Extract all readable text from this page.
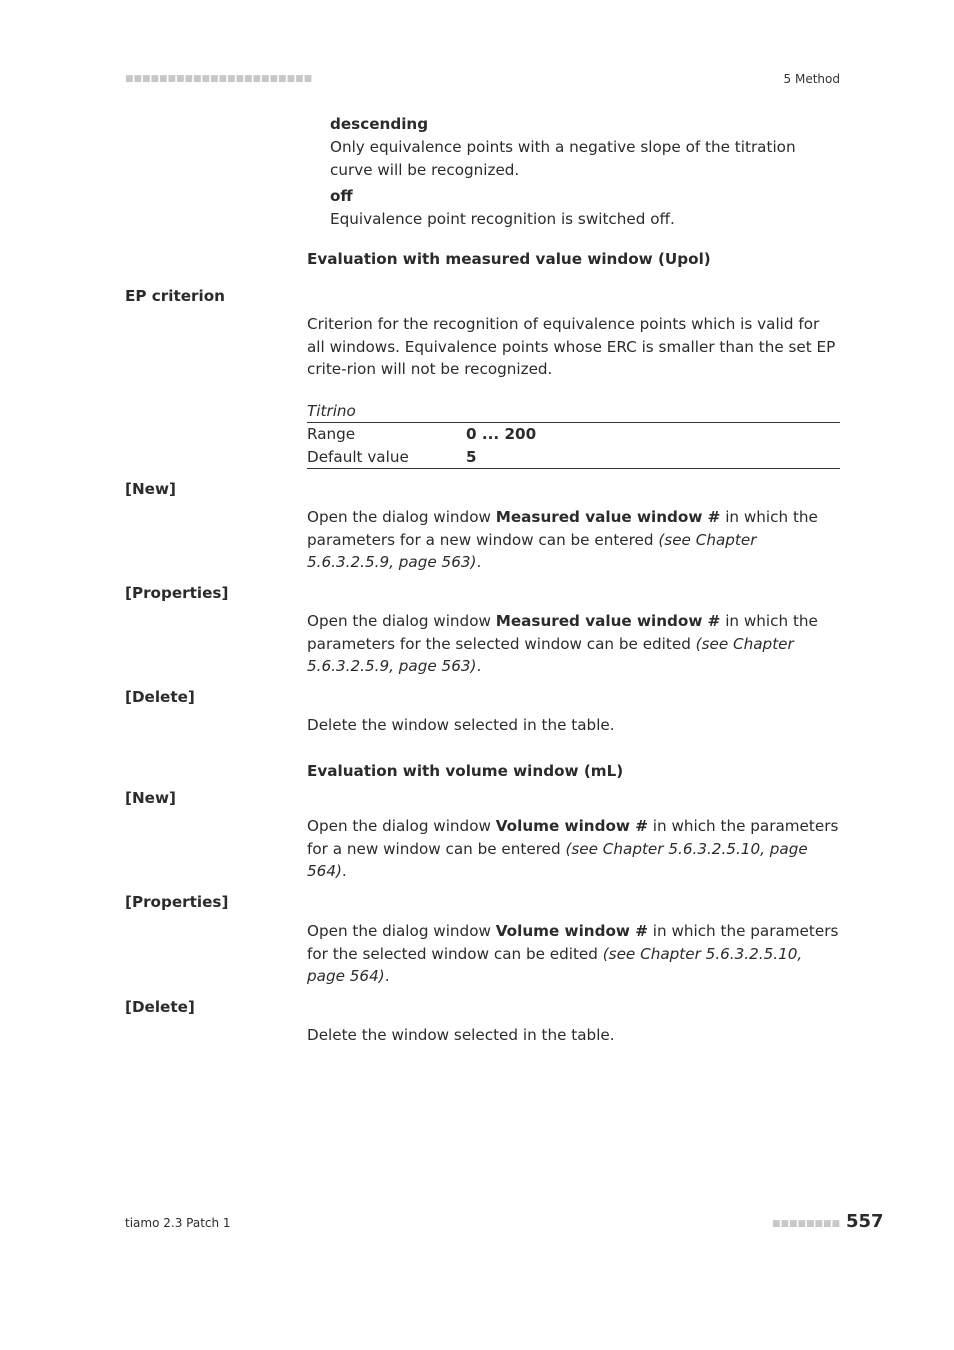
■■■■■■■■■■■■■■■■■■■■■■	5 Method
descending
Only equivalence points with a negative slope of the titration curve will be recognized.
off
Equivalence point recognition is switched off.
Evaluation with measured value window (Upol)
EP criterion
Criterion for the recognition of equivalence points which is valid for all windows. Equivalence points whose ERC is smaller than the set EP crite-rion will not be recognized.
Titrino
Range	0 ... 200
Default value	5
[New]
Open the dialog window Measured value window # in which the parameters for a new window can be entered (see Chapter 5.6.3.2.5.9, page 563).
[Properties]
Open the dialog window Measured value window # in which the parameters for the selected window can be edited (see Chapter 5.6.3.2.5.9, page 563).
[Delete]
Delete the window selected in the table.
Evaluation with volume window (mL)
[New]
Open the dialog window Volume window # in which the parameters for a new window can be entered (see Chapter 5.6.3.2.5.10, page 564).
[Properties]
Open the dialog window Volume window # in which the parameters for the selected window can be edited (see Chapter 5.6.3.2.5.10, page 564).
[Delete]
Delete the window selected in the table.
tiamo 2.3 Patch 1	■■■■■■■■ 557
